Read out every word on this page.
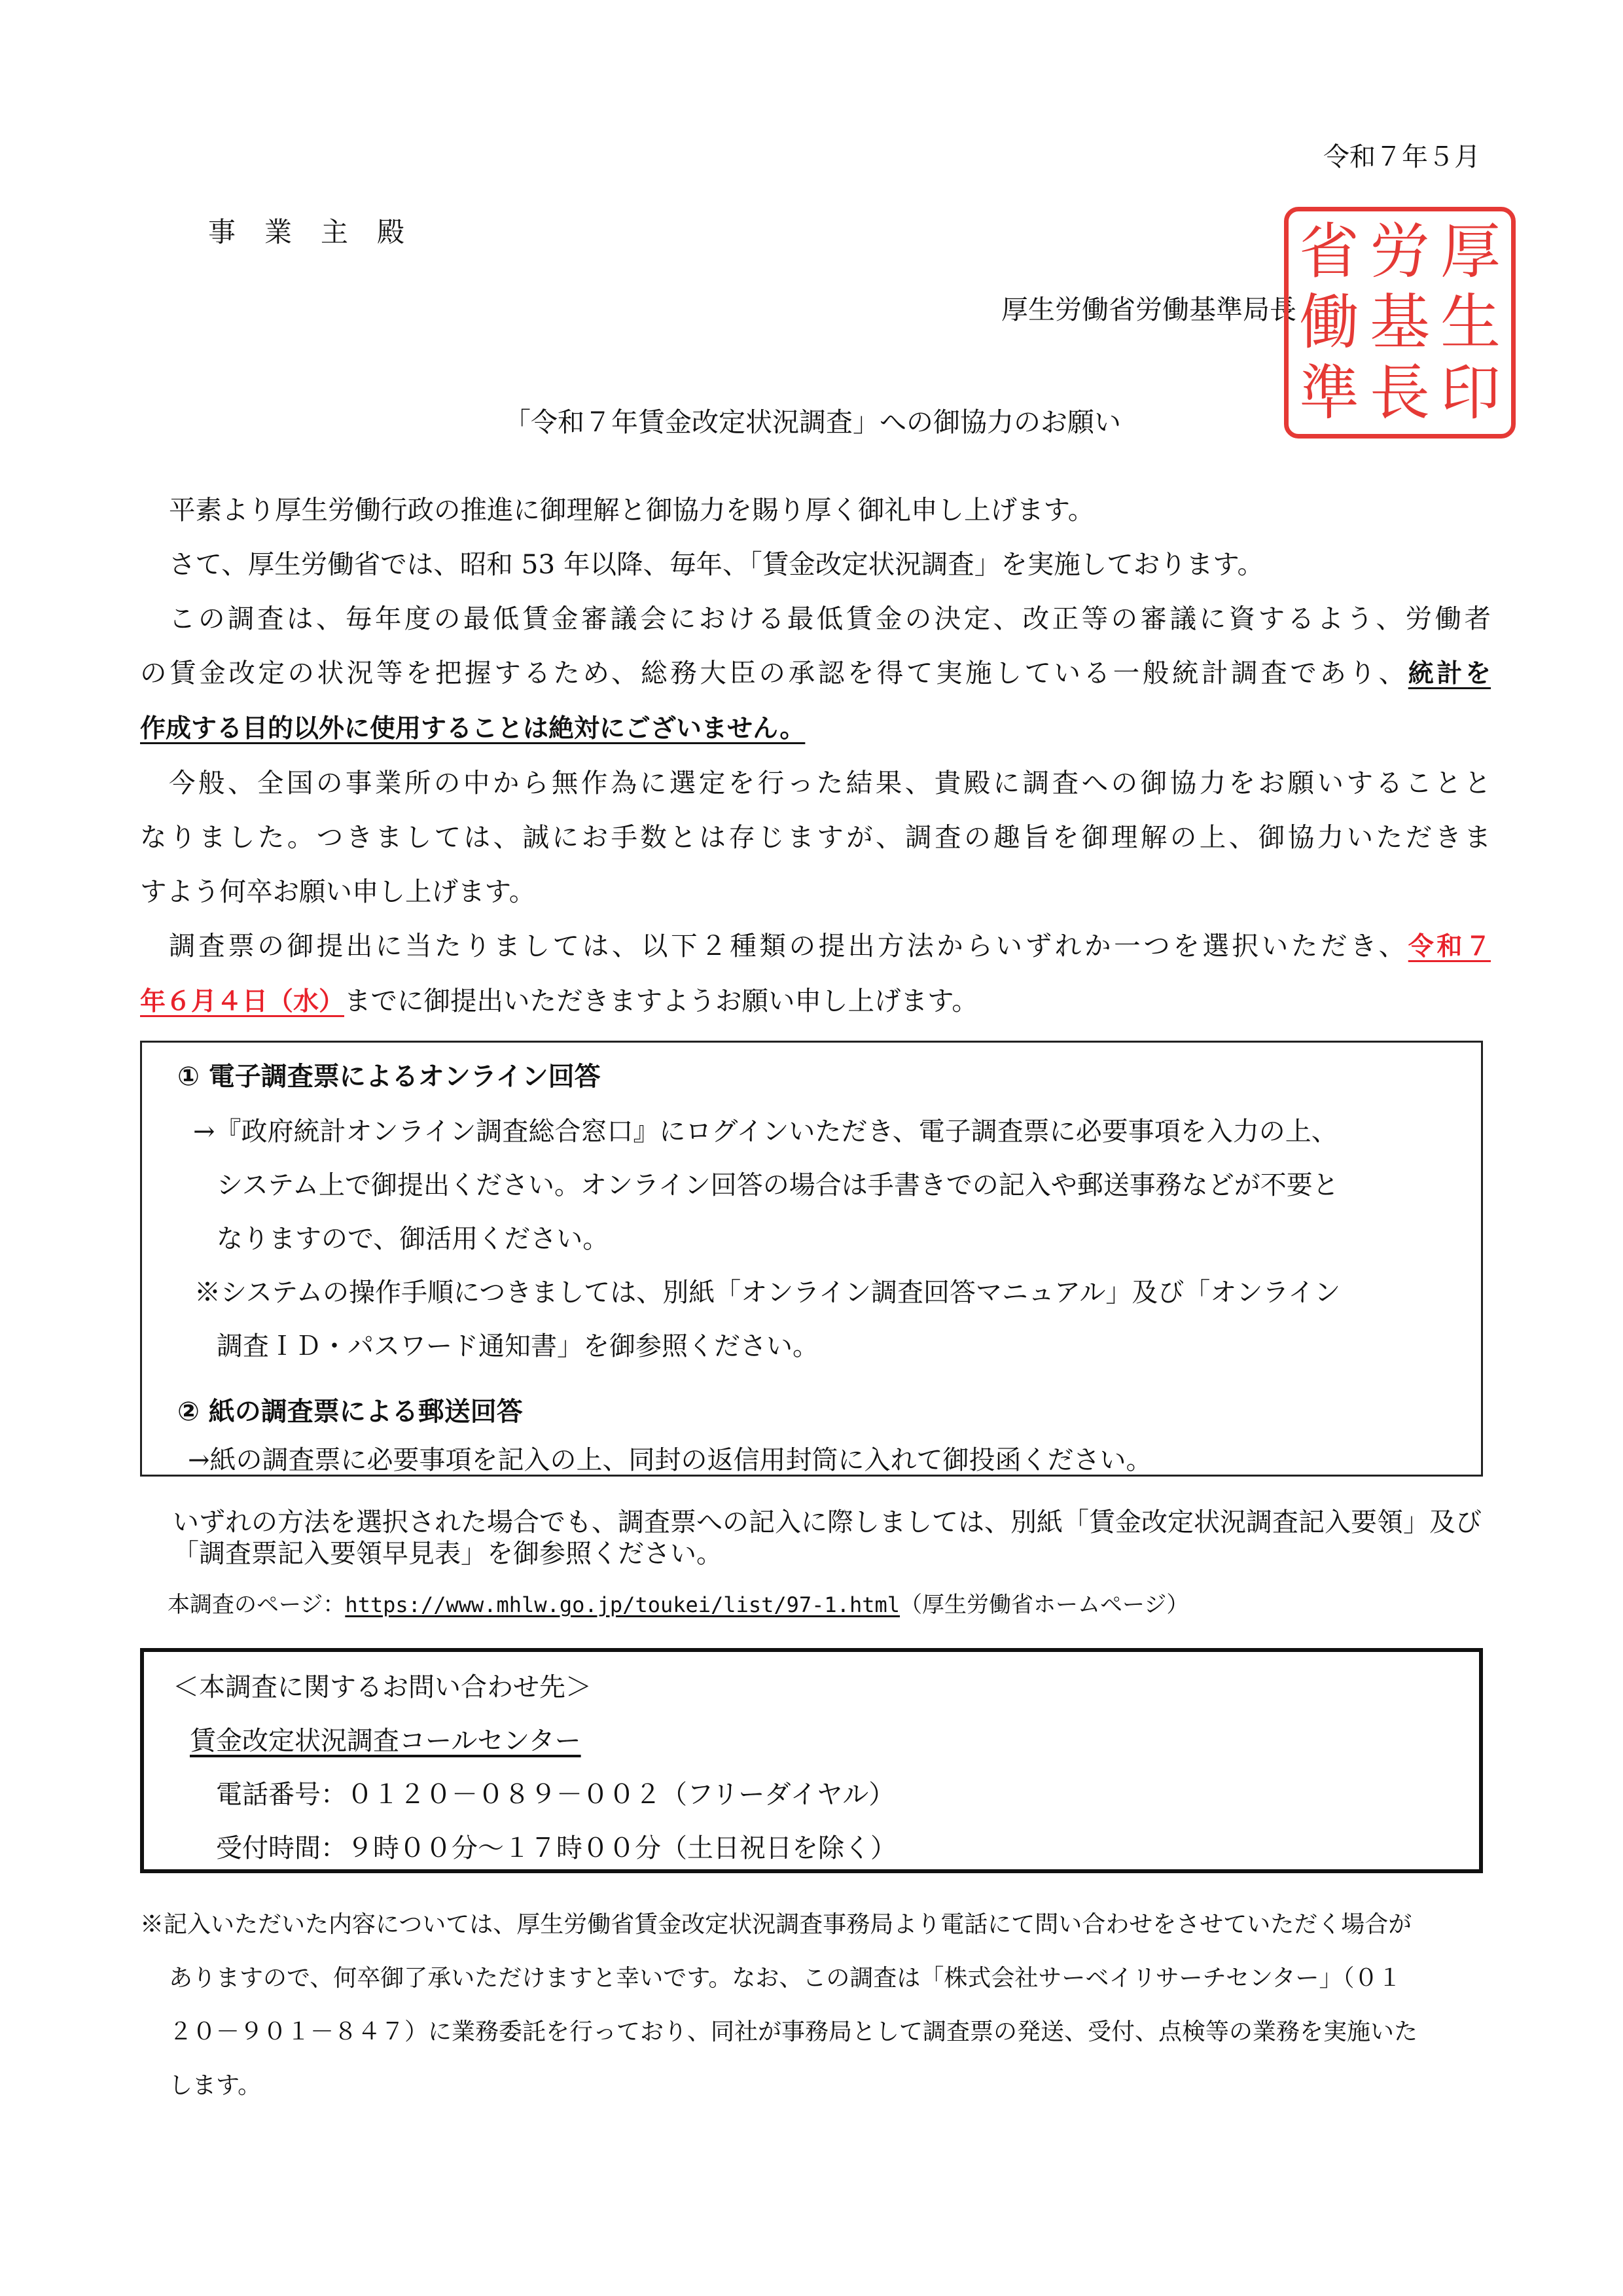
令和７年５月
事業主殿
厚生労働省労働基準局長
省 労 厚
働 基 生
準 長 印
「令和７年賃金改定状況調査」への御協力のお願い
平素より厚生労働行政の推進に御理解と御協力を賜り厚く御礼申し上げます。
さて、厚生労働省では、昭和 53 年以降、毎年、「賃金改定状況調査」を実施しております。
この調査は、毎年度の最低賃金審議会における最低賃金の決定、改正等の審議に資するよう、労働者
の賃金改定の状況等を把握するため、総務大臣の承認を得て実施している一般統計調査であり、統計を
作成する目的以外に使用することは絶対にございません。
今般、全国の事業所の中から無作為に選定を行った結果、貴殿に調査への御協力をお願いすることと
なりました。つきましては、誠にお手数とは存じますが、調査の趣旨を御理解の上、御協力いただきま
すよう何卒お願い申し上げます。
調査票の御提出に当たりましては、以下２種類の提出方法からいずれか一つを選択いただき、令和７
年６月４日（水）までに御提出いただきますようお願い申し上げます。
① 電子調査票によるオンライン回答
→『政府統計オンライン調査総合窓口』にログインいただき、電子調査票に必要事項を入力の上、
システム上で御提出ください。オンライン回答の場合は手書きでの記入や郵送事務などが不要と
なりますので、御活用ください。
※システムの操作手順につきましては、別紙「オンライン調査回答マニュアル」及び「オンライン
調査ＩＤ・パスワード通知書」を御参照ください。
② 紙の調査票による郵送回答
→紙の調査票に必要事項を記入の上、同封の返信用封筒に入れて御投函ください。
いずれの方法を選択された場合でも、調査票への記入に際しましては、別紙「賃金改定状況調査記入要領」及び「調査票記入要領早見表」を御参照ください。
本調査のページ：https://www.mhlw.go.jp/toukei/list/97-1.html（厚生労働省ホームページ）
＜本調査に関するお問い合わせ先＞
賃金改定状況調査コールセンター
電話番号：０１２０－０８９－００２（フリーダイヤル）
受付時間：９時００分～１７時００分（土日祝日を除く）
※記入いただいた内容については、厚生労働省賃金改定状況調査事務局より電話にて問い合わせをさせていただく場合が
ありますので、何卒御了承いただけますと幸いです。なお、この調査は「株式会社サーベイリサーチセンター」（０１
２０－９０１－８４７）に業務委託を行っており、同社が事務局として調査票の発送、受付、点検等の業務を実施いた
します。
